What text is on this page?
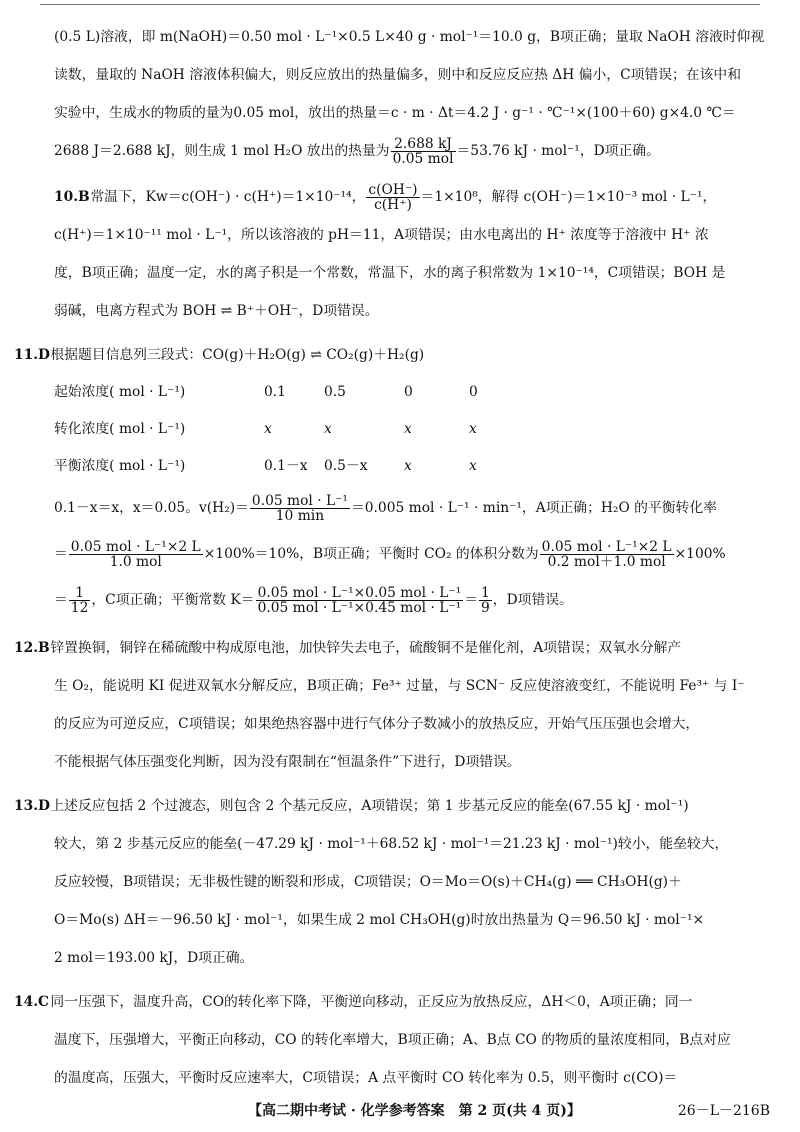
(0.5 L)溶液，即 m(NaOH)＝0.50 mol · L⁻¹×0.5 L×40 g · mol⁻¹＝10.0 g，B项正确；量取 NaOH 溶液时仰视
读数，量取的 NaOH 溶液体积偏大，则反应放出的热量偏多，则中和反应反应热 ΔH 偏小，C项错误；在该中和
实验中，生成水的物质的量为0.05 mol，放出的热量＝c · m · Δt＝4.2 J · g⁻¹ · ℃⁻¹×(100＋60) g×4.0 ℃＝
2688 J＝2.688 kJ，则生成 1 mol H₂O 放出的热量为 $\frac{2.688 kJ}{\text{0.05 mol}} =53.76$ kJ · mol⁻¹，D项正确。
10.B 常温下，Kw＝c(OH⁻) · c(H⁺)＝1×10⁻¹⁴， $\frac{c(OH^-)}{c(H^+)} =1\times 10^8$，解得 c(OH⁻)＝1×10⁻³ mol · L⁻¹，
c(H⁺)＝1×10⁻¹¹ mol · L⁻¹，所以该溶液的 pH＝11，A项错误；由水电离出的 H⁺ 浓度等于溶液中 H⁺ 浓
度，B项正确；温度一定，水的离子积是一个常数，常温下，水的离子积常数为 1×10⁻¹⁴，C项错误；BOH 是
弱碱，电离方程式为 BOH ⇌ B⁺＋OH⁻，D项错误。
11.D 根据题目信息列三段式：CO(g)＋H₂O(g) ⇌ CO₂(g)＋H₂(g)
起始浓度( mol · L⁻¹)	0.1	0.5	0	0
转化浓度( mol · L⁻¹)	x	x	x	x
平衡浓度( mol · L⁻¹)	0.1－x	0.5－x	x	x
0.1－x＝x，x＝0.05。$v(H_2)= \frac{\text{0.05 mol · L⁻¹}}{10 \min} =0.005$ mol · L⁻¹ · min⁻¹，A项正确；H₂O 的平衡转化率
＝ $\frac{\text{0.05 mol · L⁻¹×2 L}}{\text{1.0 mol}} \times 100\%=10\%$，B项正确；平衡时 CO₂ 的体积分数为 $\frac{\text{0.05 mol · L⁻¹×2 L}}{\text{0.2 mol＋1.0 mol}} \times 100\%$
＝ $\frac{1}{12}$ ，C项正确；平衡常数 $K= \frac{\text{0.05 mol · L⁻¹×0.05 mol · L⁻¹}}{\text{0.05 mol · L⁻¹×0.45 mol · L⁻¹}} = \frac{1}{9}$ ，D项错误。
12.B 锌置换铜，铜锌在稀硫酸中构成原电池，加快锌失去电子，硫酸铜不是催化剂，A项错误；双氧水分解产
生 O₂，能说明 KI 促进双氧水分解反应，B项正确；Fe³⁺ 过量，与 SCN⁻ 反应使溶液变红，不能说明 Fe³⁺ 与 I⁻
的反应为可逆反应，C项错误；如果绝热容器中进行气体分子数减小的放热反应，开始气压压强也会增大，
不能根据气体压强变化判断，因为没有限制在“恒温条件”下进行，D项错误。
13.D 上述反应包括 2 个过渡态，则包含 2 个基元反应，A项错误；第 1 步基元反应的能垒(67.55 kJ · mol⁻¹)
较大，第 2 步基元反应的能垒(－47.29 kJ · mol⁻¹＋68.52 kJ · mol⁻¹＝21.23 kJ · mol⁻¹)较小，能垒较大，
反应较慢，B项错误；无非极性键的断裂和形成，C项错误；O＝Mo＝O(s)＋CH₄(g) ══ CH₃OH(g)＋
O＝Mo(s) ΔH＝－96.50 kJ · mol⁻¹，如果生成 2 mol CH₃OH(g)时放出热量为 Q＝96.50 kJ · mol⁻¹×
2 mol＝193.00 kJ，D项正确。
14.C 同一压强下，温度升高，CO的转化率下降，平衡逆向移动，正反应为放热反应，ΔH＜0，A项正确；同一
温度下，压强增大，平衡正向移动，CO 的转化率增大，B项正确；A、B点 CO 的物质的量浓度相同，B点对应
的温度高，压强大，平衡时反应速率大，C项错误；A 点平衡时 CO 转化率为 0.5，则平衡时 c(CO)＝
【高二期中考试 · 化学参考答案　第 2 页(共 4 页)】	26－L－216B
